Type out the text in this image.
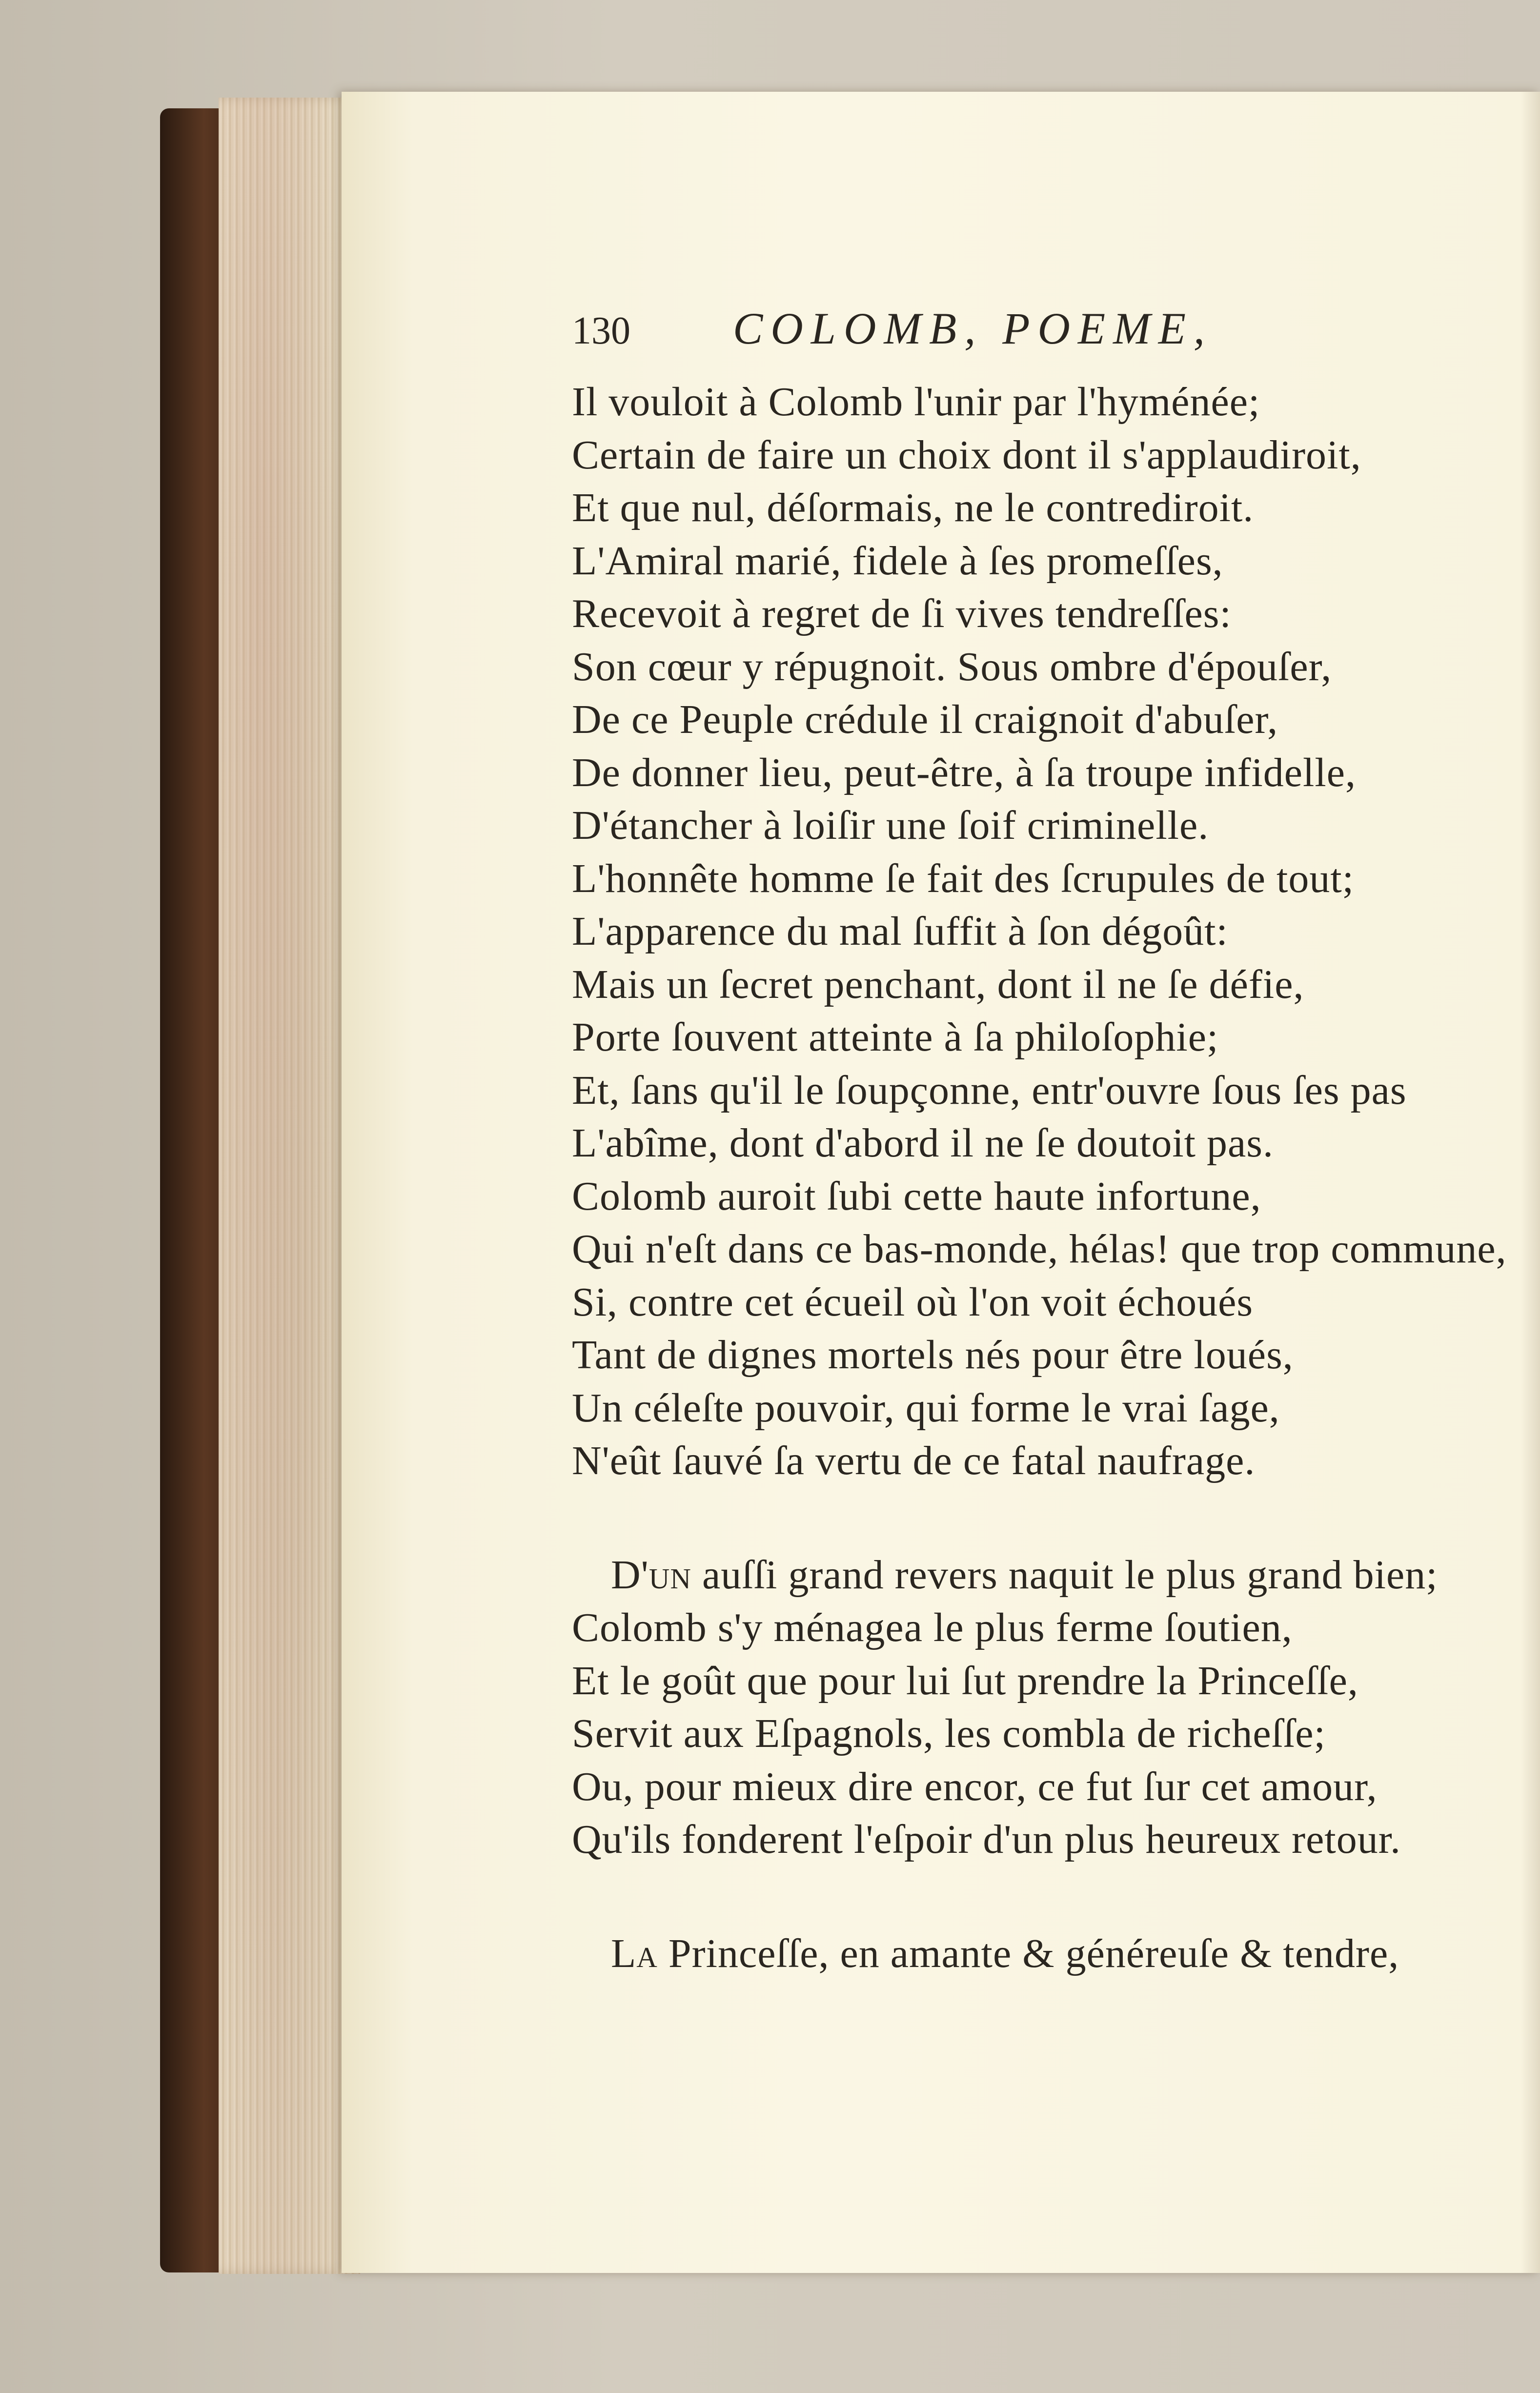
130	COLOMB, POEME,
Il vouloit à Colomb l'unir par l'hyménée;
Certain de faire un choix dont il s'applaudiroit,
Et que nul, déſormais, ne le contrediroit.
L'Amiral marié, fidele à ſes promeſſes,
Recevoit à regret de ſi vives tendreſſes:
Son cœur y répugnoit. Sous ombre d'épouſer,
De ce Peuple crédule il craignoit d'abuſer,
De donner lieu, peut-être, à ſa troupe infidelle,
D'étancher à loiſir une ſoif criminelle.
L'honnête homme ſe fait des ſcrupules de tout;
L'apparence du mal ſuffit à ſon dégoût:
Mais un ſecret penchant, dont il ne ſe défie,
Porte ſouvent atteinte à ſa philoſophie;
Et, ſans qu'il le ſoupçonne, entr'ouvre ſous ſes pas
L'abîme, dont d'abord il ne ſe doutoit pas.
Colomb auroit ſubi cette haute infortune,
Qui n'eſt dans ce bas-monde, hélas! que trop commune,
Si, contre cet écueil où l'on voit échoués
Tant de dignes mortels nés pour être loués,
Un céleſte pouvoir, qui forme le vrai ſage,
N'eût ſauvé ſa vertu de ce fatal naufrage.
D'un auſſi grand revers naquit le plus grand bien;
Colomb s'y ménagea le plus ferme ſoutien,
Et le goût que pour lui ſut prendre la Princeſſe,
Servit aux Eſpagnols, les combla de richeſſe;
Ou, pour mieux dire encor, ce fut ſur cet amour,
Qu'ils fonderent l'eſpoir d'un plus heureux retour.
La Princeſſe, en amante & généreuſe & tendre,
